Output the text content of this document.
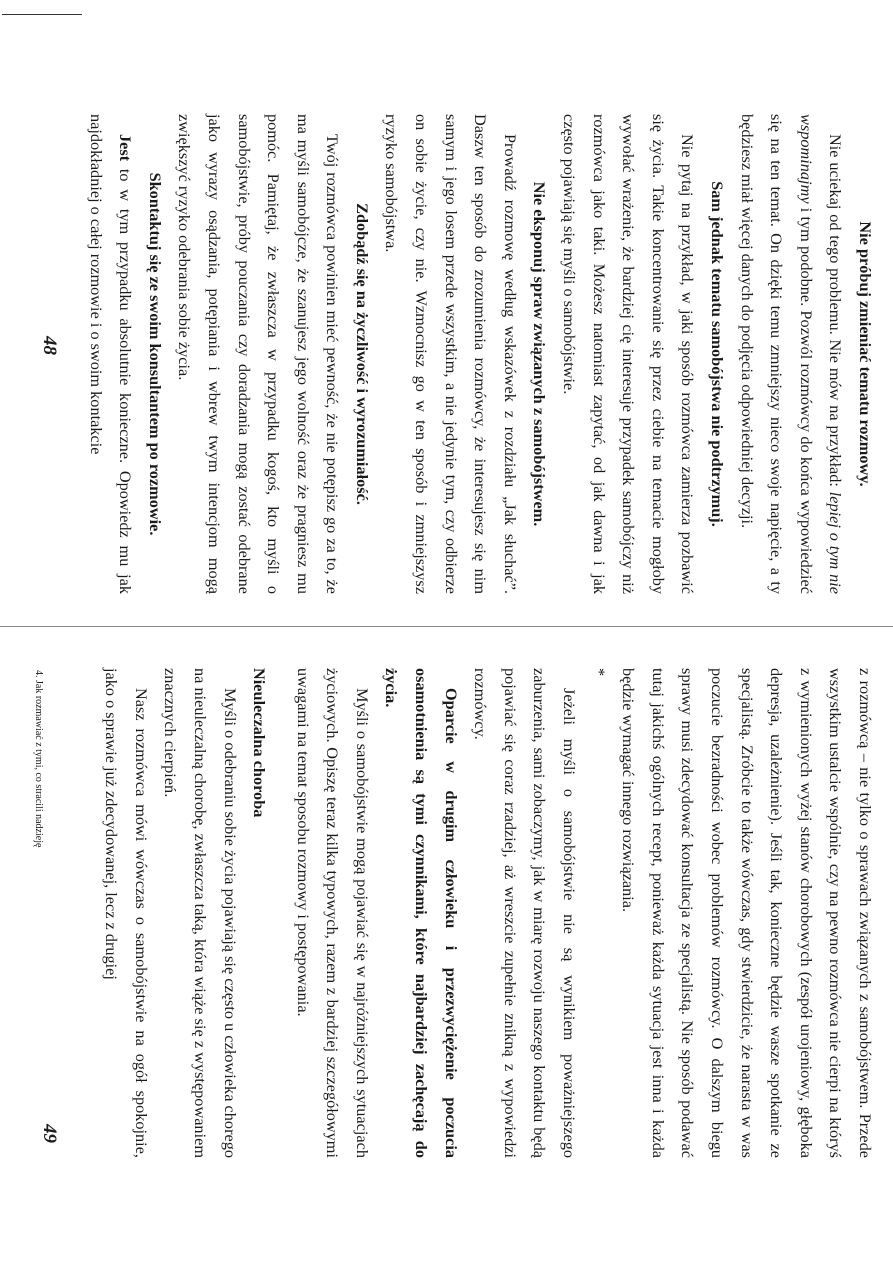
Nie próbuj zmieniać tematu rozmowy.

Nie uciekaj od tego problemu. Nie mów na przykład: lepiej o tym nie wspominajmy i tym podobne. Pozwól rozmówcy do końca wypowiedzieć się na ten temat. On dzięki temu zmniejszy nieco swoje napięcie, a ty będziesz miał więcej danych do podjęcia odpowiedniej decyzji.

Sam jednak tematu samobójstwa nie podtrzymuj.

Nie pytaj na przykład, w jaki sposób rozmówca zamierza pozbawić się życia. Takie koncentrowanie się przez ciebie na temacie mogłoby wywołać wrażenie, że bardziej cię interesuje przypadek samobójczy niż rozmówca jako taki. Możesz natomiast zapytać, od jak dawna i jak często pojawiają się myśli o samobójstwie.

Nie eksponuj spraw związanych z samobójstwem.

Prowadź rozmowę według wskazówek z rozdziału „Jak słuchać”. Daszw ten sposób do zrozumienia rozmówcy, że interesujesz się nim samym i jego losem przede wszystkim, a nie jedynie tym, czy odbierze on sobie życie, czy nie. Wzmocnisz go w ten sposób i zmniejszysz ryzyko samobójstwa.

Zdobądź się na życzliwość i wyrozumiałość.

Twój rozmówca powinien mieć pewność, że nie potępisz go za to, że ma myśli samobójcze, że szanujesz jego wolność oraz że pragniesz mu pomóc. Pamiętaj, że zwłaszcza w przypadku kogoś, kto myśli o samobójstwie, próby pouczania czy doradzania mogą zostać odebrane jako wyrazy osądzania, potępiania i wbrew twym intencjom mogą zwiększyć ryzyko odebrania sobie życia.

Skontaktuj się ze swoim konsultantem po rozmowie.

Jest to w tym przypadku absolutnie konieczne. Opowiedz mu jak najdokładniej o całej rozmowie i o swoim kontakcie

48

z rozmówcą – nie tylko o sprawach związanych z samobójstwem. Przede wszystkim ustalcie wspólnie, czy na pewno rozmówca nie cierpi na któryś z wymienionych wyżej stanów chorobowych (zespół urojeniowy, głęboka depresja, uzależnienie). Jeśli tak, konieczne będzie wasze spotkanie ze specjalistą. Zróbcie to także wówczas, gdy stwierdzicie, że narasta w was poczucie bezradności wobec problemów rozmówcy. O dalszym biegu sprawy musi zdecydować konsultacja ze specjalistą. Nie sposób podawać tutaj jakichś ogólnych recept, ponieważ każda sytuacja jest inna i każda będzie wymagać innego rozwiązania.

*

Jeżeli myśli o samobójstwie nie są wynikiem poważniejszego zaburzenia, sami zobaczymy, jak w miarę rozwoju naszego kontaktu będą pojawiać się coraz rzadziej, aż wreszcie zupełnie znikną z wypowiedzi rozmówcy.

Oparcie w drugim człowieku i przezwyciężenie poczucia osamotnienia są tymi czynnikami, które najbardziej zachęcają do życia.

Myśli o samobójstwie mogą pojawiać się w najróżniejszych sytuacjach życiowych. Opiszę teraz kilka typowych, razem z bardziej szczegółowymi uwagami na temat sposobu rozmowy i postępowania.

Nieuleczalna choroba

Myśli o odebraniu sobie życia pojawiają się często u człowieka chorego na nieuleczalną chorobę, zwłaszcza taką, która wiąże się z występowaniem znacznych cierpień.

Nasz rozmówca mówi wówczas o samobójstwie na ogół spokojnie, jako o sprawie już zdecydowanej, lecz z drugiej

4. Jak rozmawiać z tymi, co stracili nadzieję
49
